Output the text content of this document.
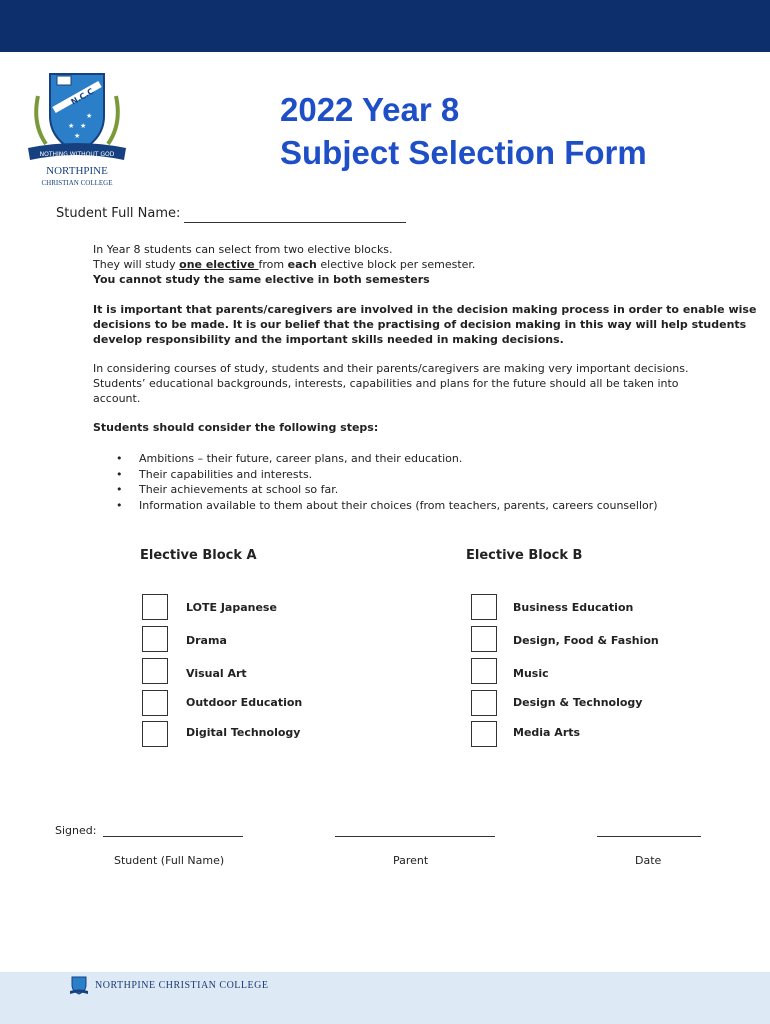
N.C.C
★ ★
★
★
NOTHING WITHOUT GOD
NORTHPINE
CHRISTIAN COLLEGE
2022 Year 8
Subject Selection Form
Student Full Name:
In Year 8 students can select from two elective blocks.
They will study one elective from each elective block per semester.
You cannot study the same elective in both semesters
It is important that parents/caregivers are involved in the decision making process in order to enable wise
decisions to be made. It is our belief that the practising of decision making in this way will help students
develop responsibility and the important skills needed in making decisions.
In considering courses of study, students and their parents/caregivers are making very important decisions.
Students’ educational backgrounds, interests, capabilities and plans for the future should all be taken into
account.
Students should consider the following steps:
•	Ambitions – their future, career plans, and their education.
•	Their capabilities and interests.
•	Their achievements at school so far.
•	Information available to them about their choices (from teachers, parents, careers counsellor)
Elective Block A
LOTE Japanese
Drama
Visual Art
Outdoor Education
Digital Technology
Elective Block B
Business Education
Design, Food & Fashion
Music
Design & Technology
Media Arts
Signed:
Student (Full Name)	Parent	Date
NORTHPINE CHRISTIAN COLLEGE
